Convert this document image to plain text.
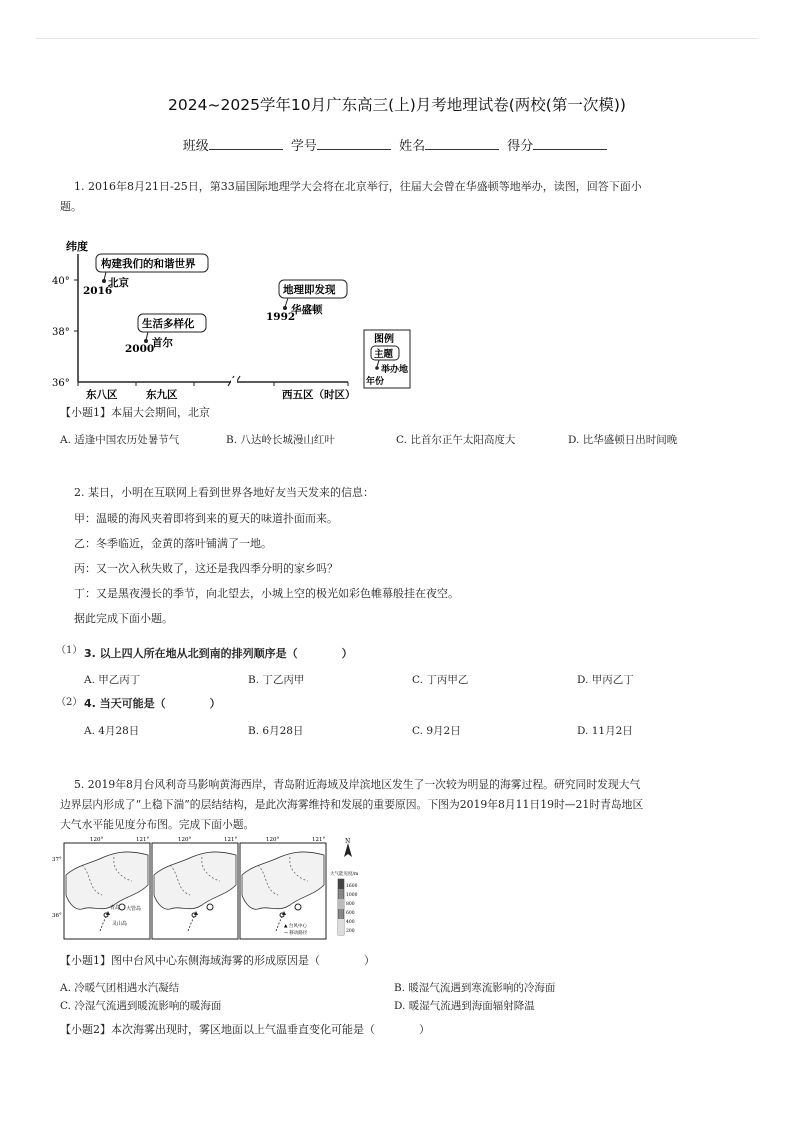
2024~2025学年10月广东高三(上)月考地理试卷(两校(第一次模))
班级	学号	姓名	得分
1. 2016年8月21日-25日，第33届国际地理学大会将在北京举行，往届大会曾在华盛顿等地举办，读图，回答下面小
题。
纬度
40°
38°
36°
东八区	东九区	西五区（时区）
构建我们的和谐世界
北京
2016
生活多样化
首尔
2000
地理即发现
华盛顿
1992
图例
主题
举办地
年份
【小题1】本届大会期间，北京
A. 适逢中国农历处暑节气	B. 八达岭长城漫山红叶	C. 比首尔正午太阳高度大	D. 比华盛顿日出时间晚
2. 某日，小明在互联网上看到世界各地好友当天发来的信息：
甲：温暖的海风夹着即将到来的夏天的味道扑面而来。
乙：冬季临近，金黄的落叶铺满了一地。
丙：又一次入秋失败了，这还是我四季分明的家乡吗？
丁：又是黑夜漫长的季节，向北望去，小城上空的极光如彩色帷幕般挂在夜空。
据此完成下面小题。
（1） 3. 以上四人所在地从北到南的排列顺序是（　　　　）
A. 甲乙丙丁	B. 丁乙丙甲	C. 丁丙甲乙	D. 甲丙乙丁
（2） 4. 当天可能是（　　　　）
A. 4月28日	B. 6月28日	C. 9月2日	D. 11月2日
5. 2019年8月台风利奇马影响黄海西岸，青岛附近海域及岸滨地区发生了一次较为明显的海雾过程。研究同时发现大气
边界层内形成了“上稳下湍”的层结结构，是此次海雾维持和发展的重要原因。下图为2019年8月11日19时—21时青岛地区
大气水平能见度分布图。完成下面小题。
大管岛
青岛
灵山岛	▲ 台风中心
→ 移动路径
120°	121°	120°	121°	120°	121°
37°
36°
N
大气能见度/m
1600
1000
800
600
400
200
【小题1】图中台风中心东侧海域海雾的形成原因是（　　　　）
A. 冷暖气团相遇水汽凝结	B. 暖湿气流遇到寒流影响的冷海面
C. 冷湿气流遇到暖流影响的暖海面	D. 暖湿气流遇到海面辐射降温
【小题2】本次海雾出现时，雾区地面以上气温垂直变化可能是（　　　　）
